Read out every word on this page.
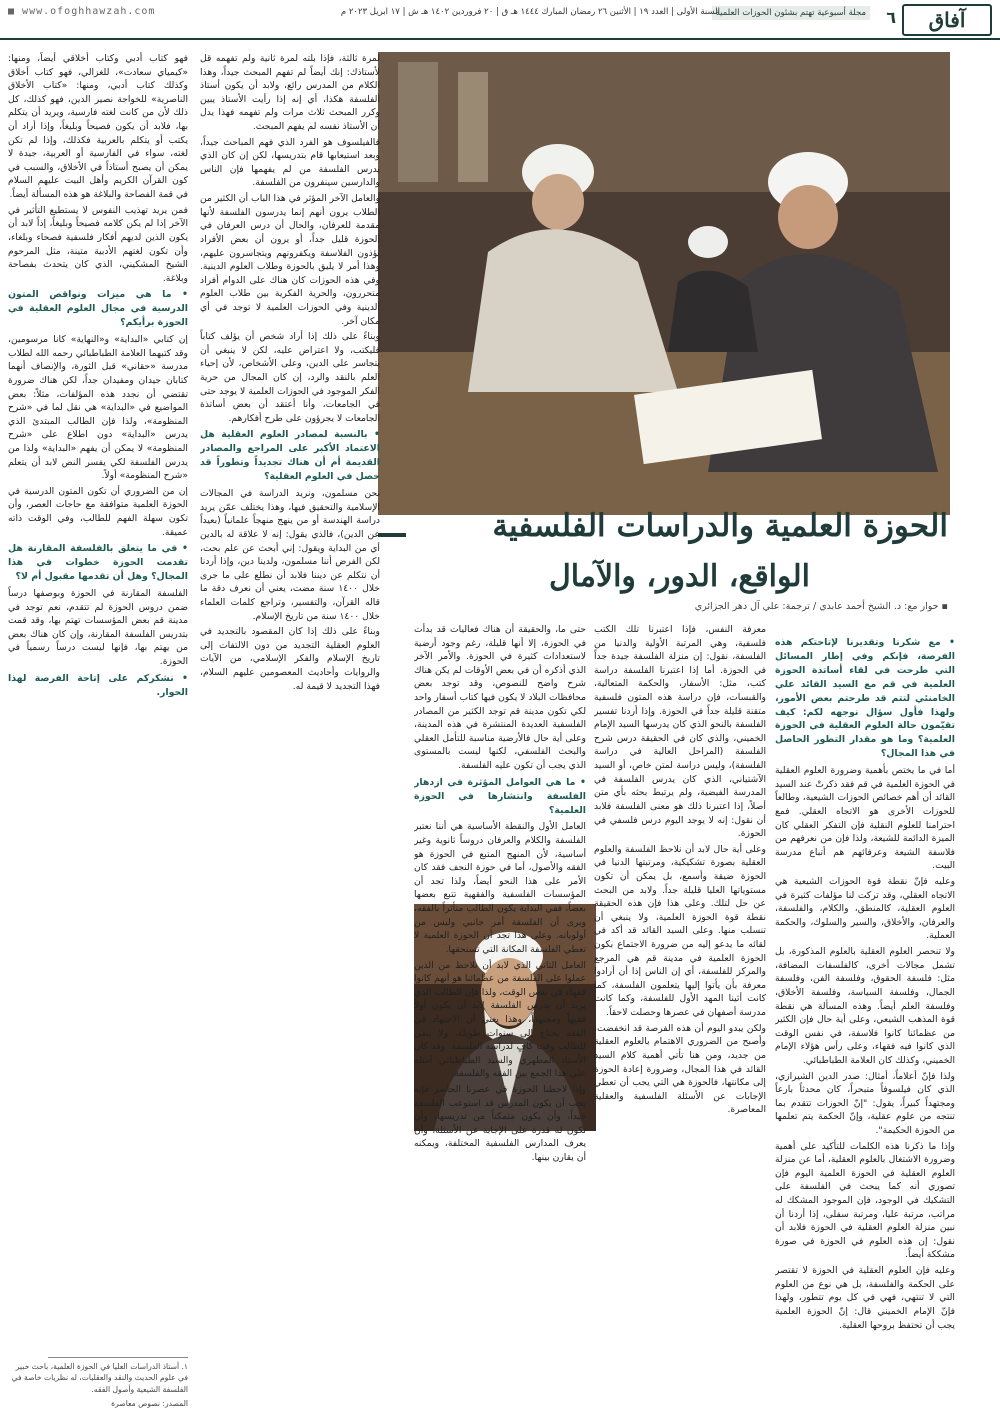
آفاق
٦
مجلة أسبوعية تهتم بشئون الحوزات العلمية
السنة الأولى | العدد ١٩ | الأثنين ٢٦ رمضان المبارك ١٤٤٤ هـ ق | ٢٠ فروردين ١٤٠٢ هـ ش | ١٧ ابريل ٢٠٢٣ م
■ www.ofoghhawzah.com
الحوزة العلمية والدراسات الفلسفية
الواقع، الدور، والآمال
▪ حوار مع: د. الشيخ أحمد عابدي / ترجمة: علي آل دهر الجزائري
• مع شكرنا وتقديرنا لإتاحتكم هذه الفرصة، فإنكم وفي إطار المسائل التي طرحت في لقاء أساتذة الحوزة العلمية في قم مع السيد القائد علي الخامنئي لتتم قد طرحتم بعض الأمور، ولهذا فأول سؤال نوجهه لكم: كيف تقيّمون حالة العلوم العقلية في الحوزة العلمية؟ وما هو مقدار التطور الحاصل في هذا المجال؟

أما في ما يختص بأهمية وضرورة العلوم العقلية في الحوزة العلمية في قم فقد ذكرتْ عند السيد القائد أن أهم خصائص الحوزات الشيعية، وطالعاً للحوزات الأخرى هو الاتجاه العقلي. فمع احترامنا للعلوم النقلية فإن التفكر العقلي كان الميزة الدائمة للشيعة، ولذا فإن من نعرفهم من فلاسفة الشيعة وعرفائهم هم أتباع مدرسة البيت.

وعليه فإنّ نقطة قوة الحوزات الشيعية هي الاتجاه العقلي، وقد تركت لنا مؤلفات كثيرة في العلوم العقلية، كالمنطق، والكلام، والفلسفة، والعرفان، والأخلاق، والسير والسلوك، والحكمة العملية.

ولا تنحصر العلوم العقلية بالعلوم المذكورة، بل تشمل مجالات أخرى، كالفلسفات المضافة، مثل: فلسفة الحقوق، وفلسفة الفن، وفلسفة الجمال، وفلسفة السياسة، وفلسفة الأخلاق، وفلسفة العلم أيضاً. وهذه المسألة هي نقطة قوة المذهب الشيعي، وعلى أية حال فإن الكثير من عظمائنا كانوا فلاسفة، في نفس الوقت الذي كانوا فيه فقهاء، وعلى رأس هؤلاء الإمام الخميني، وكذلك كان العلامة الطباطبائي.

ولذا فإنّ أعلاماً، أمثال: صدر الدين الشيرازي، الذي كان فيلسوفاً متبحراً، كان محدثاً بارعاً ومجتهداً كبيراً، يقول: "إنّ الحوزات تتقدم بما تنتجه من علوم عقلية، وإنّ الحكمة يتم تعلمها من الحوزة الحكيمة".

وإذا ما ذكرنا هذه الكلمات للتأكيد على أهمية وضرورة الاشتغال بالعلوم العقلية، أما عن منزلة العلوم العقلية في الحوزة العلمية اليوم فإن تصوري أنه كما يبحث في الفلسفة على التشكيك في الوجود، فإن الموجود المشكك له مراتب، مرتبة عليا، ومرتبة سفلى، إذا أردنا أن نبين منزلة العلوم العقلية في الحوزة فلابد أن نقول: إن هذه العلوم في الحوزة في صورة مشككة أيضاً.

وعليه فإن العلوم العقلية في الحوزة لا تقتصر على الحكمة والفلسفة، بل هي نوع من العلوم التي لا تنتهي، فهي في كل يوم تتطور، ولهذا فإنّ الإمام الخميني قال: إنّ الحوزة العلمية يجب أن تحتفظ بروحها العقلية.

معرفة النفس، فإذا اعتبرنا تلك الكتب فلسفية، وهي المرتبة الأولية والدنيا من الفلسفة، نقول: إن منزلة الفلسفة جيدة جداً في الحوزة. أما إذا اعتبرنا الفلسفة دراسة كتب، مثل: الأسفار، والحكمة المتعالية، والقبسات، فإن دراسة هذه المتون فلسفية متقنة قليلة جداً في الحوزة. وإذا أردنا تفسير الفلسفة بالنحو الذي كان يدرسها السيد الإمام الخميني، والذي كان في الحقيقة درس شرح الفلسفة (المراحل العالية في دراسة الفلسفة)، وليس دراسة لمتن خاص، أو السيد الآشتياني، الذي كان يدرس الفلسفة في المدرسة الفيضية، ولم يرتبط بحثه بأي متن أصلاً، إذا اعتبرنا ذلك هو معنى الفلسفة فلابد أن نقول: إنه لا يوجد اليوم درس فلسفي في الحوزة.

وعلى أية حال لابد أن نلاحظ الفلسفة والعلوم العقلية بصورة تشكيكية، ومرتبتها الدنيا في الحوزة ضيقة وأسمع، بل يمكن أن تكون مستوياتها العليا قليلة جداً. ولابد من البحث عن حل لتلك. وعلى هذا فإن هذه الحقيقة نقطة قوة الحوزة العلمية، ولا ينبغي أن تنسلب منها. وعلى السيد القائد قد أكد في لقائه ما يدعو إليه من ضرورة الاجتماع بكون الحوزة العلمية في مدينة قم هي المرجع والمركز للفلسفة، أي إن الناس إذا أن أرادوا معرفة بأن يأتوا إليها يتعلمون الفلسفة، كما كانت أثينا المهد الأول للفلسفة، وكما كانت مدرسة أصفهان في عصرها وحصلت لاحقاً.

ولكن يبدو اليوم أن هذه الفرصة قد انخفضت، وأصبح من الضروري الاهتمام بالعلوم العقلية من جديد، ومن هنا تأتي أهمية كلام السيد القائد في هذا المجال، وضرورة إعادة الحوزة إلى مكانتها، فالحوزة هي التي يجب أن تعطي الإجابات عن الأسئلة الفلسفية والعقلية المعاصرة.

حتى ما، والحقيقة أن هناك فعاليات قد بدأت في الحوزة، إلا أنها قليلة، رغم وجود أرضية لاستعدادات كثيرة في الحوزة. والأمر الآخر الذي أذكره أن في بعض الأوقات لم يكن هناك شرح واضح للنصوص، وقد توجد بعض محافظات البلاد لا يكون فيها كتاب أسفار واحد لكي تكون مدينة قم توجد الكثير من المصادر الفلسفية العديدة المنتشرة في هذه المدينة، وعلى أية حال فالأرضية مناسبة للتأمل العقلي والبحث الفلسفي، لكنها ليست بالمستوى الذي يجب أن تكون عليه الفلسفة.

• ما هي العوامل المؤثرة في ازدهار الفلسفة وانتشارها في الحوزة العلمية؟

العامل الأول والنقطة الأساسية هي أننا نعتبر الفلسفة والكلام والعرفان دروساً ثانوية وغير أساسية، لأن المنهج المتبع في الحوزة هو الفقه والأصول، أما في حوزة النجف فقد كان الأمر على هذا النحو أيضاً، ولذا تجد أن المؤسسات الفلسفية والفقهية تتبع بعضها بعضاً، ففي البداية يكون الطالب متأثراً بالفقه، ويرى أن الفلسفة أمر جانبي وليس من أولوياته. وعلى هذا تجد أن الحوزة العلمية لا تعطي الفلسفة المكانة التي تستحقها.

العامل الثاني الذي لابد أن نلاحظ من الذين عملوا على الفلسفة من عظمائنا هو أنهم كانوا فقهاء في نفس الوقت، ولذا فإن الطالب الذي يريد أن يدرس الفلسفة لابد أن يكون أولاً فقيهاً ومجتهداً، وهذا يعني أن الاجتهاد في الفقه يحتاج إلى سنوات طويلة، ولا يبقى للطالب وقت كافٍ لدراسة الفلسفة. وقد كان الأستاذ المطهري والسيد الطباطبائي أمثلة على هذا الجمع بين الفقه والفلسفة.

وإذا لاحظنا الحوزة في عصرنا الحاضر فإنه يجب أن يكون المدرس قد استوعب الفلسفة جيداً، وأن يكون متمكناً من تدريسها، وأن تكون له قدرة على الإجابة عن الأسئلة، وأن يعرف المدارس الفلسفية المختلفة، ويمكنه أن يقارن بينها.

لمرة ثالثة، فإذا بلته لمرة ثانية ولم تفهمه قل لأستاذك: إنك أيضاً لم تفهم المبحث جيداً، وهذا الكلام من المدرس رائع، ولابد أن يكون أستاذ الفلسفة هكذا، أي إنه إذا رأيت الأستاذ يبين وكرر المبحث ثلاث مرات ولم تفهمه فهذا يدل أن الأستاذ نفسه لم يفهم المبحث.

فالفيلسوف هو الفرد الذي فهم المباحث جيداً، وبعد استيعابها قام بتدريسها، لكن إن كان الذي يدرس الفلسفة من لم يفهمها فإن الناس والدارسين سينفرون من الفلسفة.

والعامل الآخر المؤثر في هذا الباب أن الكثير من الطلاب يرون أنهم إنما يدرسون الفلسفة لأنها مقدمة للعرفان، والحال أن درس العرفان في الحوزة قليل جداً، أو يرون أن بعض الأفراد يؤذون الفلاسفة ويكفرونهم ويتجاسرون عليهم، وهذا أمر لا يليق بالحوزة وطلاب العلوم الدينية. وفي هذه الحوزات كان هناك على الدوام أفراد متحررون، والحرية الفكرية بين طلاب العلوم الدينية وفي الحوزات العلمية لا توجد في أي مكان آخر.

وبناءً على ذلك إذا أراد شخص أن يؤلف كتاباً فليكتب، ولا اعتراض عليه، لكن لا ينبغي أن يتجاسر على الدين، وعلى الأشخاص، لأن إحياء العلم بالنقد والرد، إن كان المجال من حرية الفكر الموجود في الحوزات العلمية لا يوجد حتى في الجامعات، وأنا أعتقد أن بعض أساتذة الجامعات لا يجرؤون على طرح أفكارهم.

• بالنسبة لمصادر العلوم العقلية هل الاعتماد الأكبر على المراجع والمصادر القديمة أم أن هناك تجديداً وتطوراً قد حصل في العلوم العقلية؟

نحن مسلمون، ونريد الدراسة في المجالات الإسلامية والتحقيق فيها، وهذا يختلف عمّن يريد دراسة الهندسة أو من ينهج منهجاً علمانياً (بعيداً عن الدين)، فالذي يقول: إنه لا علاقة له بالدين أي من البداية ويقول: إني أبحث عن علم بحت، لكن الفرض أننا مسلمون، ولدينا دين، وإذا أردنا أن نتكلم عن ديننا فلابد أن نطلع على ما جرى خلال ١٤٠٠ سنة مضت، يعني أن نعرف دقة ما قاله القرآن، والتفسير، وتراجع كلمات العلماء خلال ١٤٠٠ سنة من تاريخ الإسلام.

وبناءً على ذلك إذا كان المقصود بالتجديد في العلوم العقلية التجديد من دون الالتفات إلى تاريخ الإسلام والفكر الإسلامي، من الآيات والروايات وأحاديث المعصومين عليهم السلام، فهذا التجديد لا قيمة له.

فهو كتاب أدبي وكتاب أخلاقي أيضاً، ومنها: «كيمياي سعادت»، للغزالي، فهو كتاب أخلاق وكذلك كتاب أدبي، ومنها: «كتاب الأخلاق الناصرية» للخواجة نصير الدين، فهو كذلك، كل ذلك لأن من كانت لغته فارسية، ويريد أن يتكلم بها، فلابد أن يكون فصيحاً وبليغاً، وإذا أراد أن يكتب أو يتكلم بالعربية فكذلك، وإذا لم تكن لغته، سواء في الفارسية أو العربية، جيدة لا يمكن أن يصبح أستاذاً في الأخلاق، والسبب في كون القرآن الكريم وأهل البيت عليهم السلام في قمة الفصاحة والبلاغة هو هذه المسألة أيضاً.

فمن يريد تهذيب النفوس لا يستطيع التأثير في الآخر إذا لم يكن كلامه فصيحاً وبليغاً، إذاً لابد أن يكون الذين لديهم أفكار فلسفية فصحاء وبلغاء، وأن تكون لغتهم الأدبية متينة، مثل المرحوم الشيخ المشكيني، الذي كان يتحدث بفصاحة وبلاغة.

• ما هي ميزات ونواقص المتون الدرسية في مجال العلوم العقلية في الحوزة برأيكم؟

إن كتابي «البداية» و«النهاية» كانا مرسومين، وقد كتبهما العلامة الطباطبائي رحمه الله لطلاب مدرسة «حقاني» قبل الثورة، والإنصاف أنهما كتابان جيدان ومفيدان جداً، لكن هناك ضرورة تقتضي أن نجدد هذه المؤلفات، مثلاً: بعض المواضيع في «البداية» هي نقل لما في «شرح المنظومة»، ولذا فإن الطالب المبتدئ الذي يدرس «البداية» دون اطلاع على «شرح المنظومة» لا يمكن أن يفهم «البداية» ولذا من يدرس الفلسفة لكي يفسر النص لابد أن يتعلم «شرح المنظومة» أولاً.

إن من الضروري أن تكون المتون الدرسية في الحوزة العلمية متوافقة مع حاجات العصر، وأن تكون سهلة الفهم للطالب، وفي الوقت ذاته عميقة.

• في ما يتعلق بالفلسفة المقارنة هل تقدمت الحوزة خطوات في هذا المجال؟ وهل أن تقدمها مقبول أم لا؟

الفلسفة المقارنة في الحوزة وبوصفها درساً ضمن دروس الحوزة لم تتقدم، نعم توجد في مدينة قم بعض المؤسسات تهتم بها، وقد قمت بتدريس الفلسفة المقارنة، وإن كان هناك بعض من يهتم بها، فإنها ليست درساً رسمياً في الحوزة.

• نشكركم على إتاحة الفرصة لهذا الحوار.
١. أستاذ الدراسات العليا في الحوزة العلمية، باحث خبير في علوم الحديث والنقد والعقليات، له نظريات خاصة في الفلسفة الشيعية وأصول الفقه.
المصدر: نصوص معاصرة
